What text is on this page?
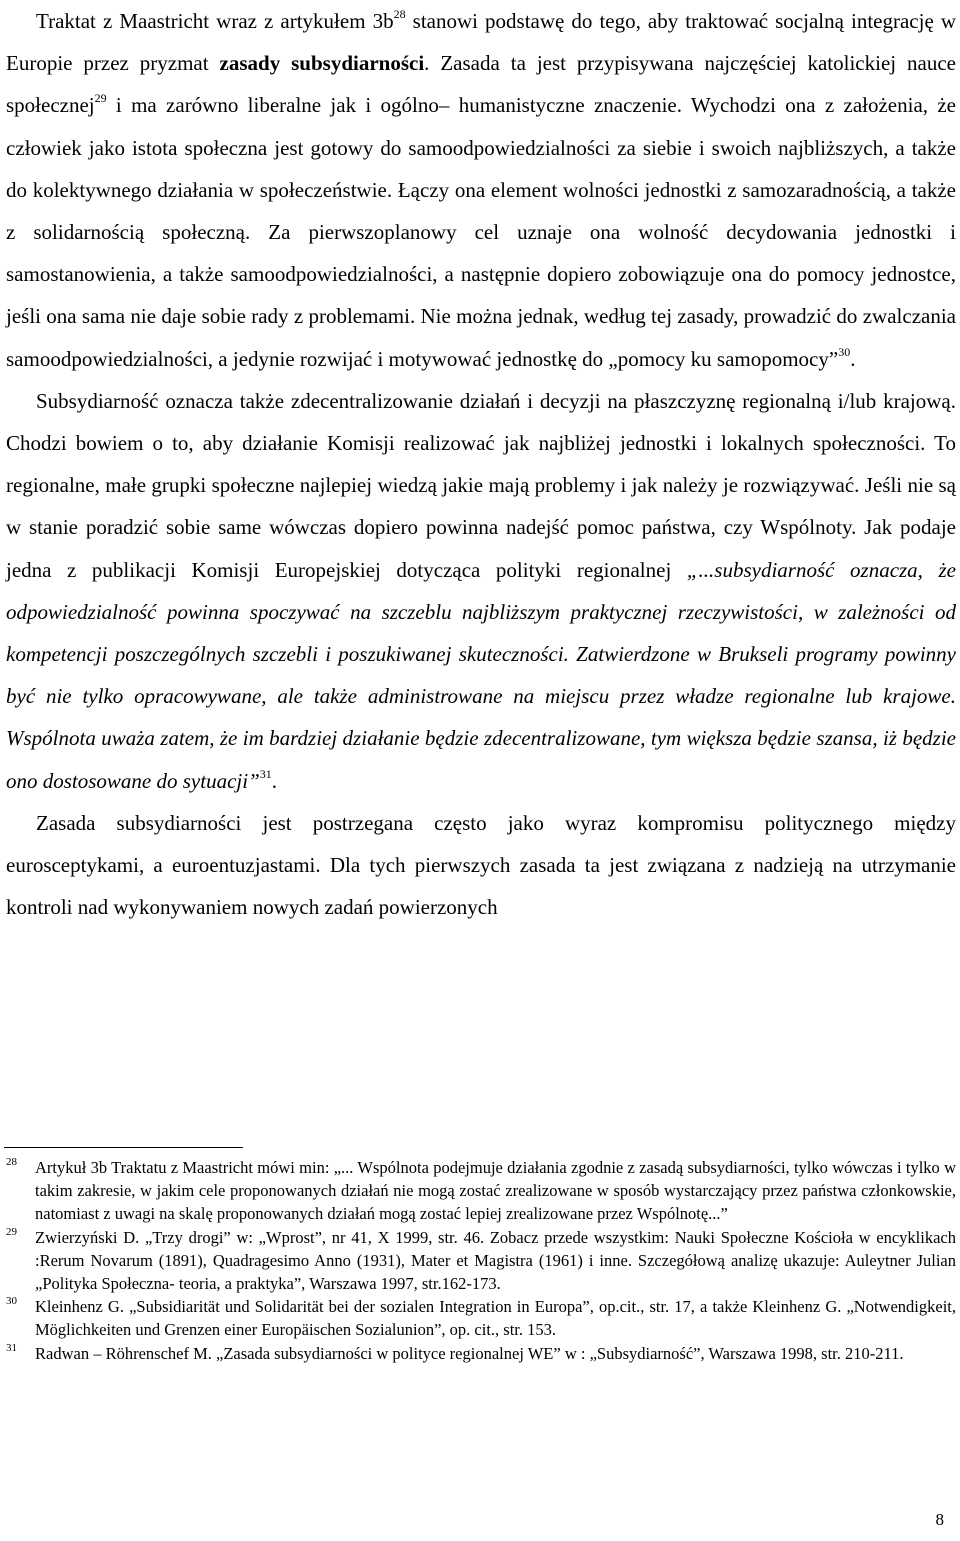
Traktat z Maastricht wraz z artykułem $3b^{28}$ stanowi podstawę do tego, aby traktować socjalną integrację w Europie przez pryzmat zasady subsydiarności. Zasada ta jest przypisywana najczęściej katolickiej nauce społecznej$^{29}$ i ma zarówno liberalne jak i ogólno– humanistyczne znaczenie. Wychodzi ona z założenia, że człowiek jako istota społeczna jest gotowy do samoodpowiedzialności za siebie i swoich najbliższych, a także do kolektywnego działania w społeczeństwie. Łączy ona element wolności jednostki z samozaradnością, a także z solidarnością społeczną. Za pierwszoplanowy cel uznaje ona wolność decydowania jednostki i samostanowienia, a także samoodpowiedzialności, a następnie dopiero zobowiązuje ona do pomocy jednostce, jeśli ona sama nie daje sobie rady z problemami. Nie można jednak, według tej zasady, prowadzić do zwalczania samoodpowiedzialności, a jedynie rozwijać i motywować jednostkę do „pomocy ku samopomocy”$^{30}$.

Subsydiarność oznacza także zdecentralizowanie działań i decyzji na płaszczyznę regionalną i/lub krajową. Chodzi bowiem o to, aby działanie Komisji realizować jak najbliżej jednostki i lokalnych społeczności. To regionalne, małe grupki społeczne najlepiej wiedzą jakie mają problemy i jak należy je rozwiązywać. Jeśli nie są w stanie poradzić sobie same wówczas dopiero powinna nadejść pomoc państwa, czy Wspólnoty. Jak podaje jedna z publikacji Komisji Europejskiej dotycząca polityki regionalnej „...subsydiarność oznacza, że odpowiedzialność powinna spoczywać na szczeblu najbliższym praktycznej rzeczywistości, w zależności od kompetencji poszczególnych szczebli i poszukiwanej skuteczności. Zatwierdzone w Brukseli programy powinny być nie tylko opracowywane, ale także administrowane na miejscu przez władze regionalne lub krajowe. Wspólnota uważa zatem, że im bardziej działanie będzie zdecentralizowane, tym większa będzie szansa, iż będzie ono dostosowane do sytuacji”$^{31}$.

Zasada subsydiarności jest postrzegana często jako wyraz kompromisu politycznego między eurosceptykami, a euroentuzjastami. Dla tych pierwszych zasada ta jest związana z nadzieją na utrzymanie kontroli nad wykonywaniem nowych zadań powierzonych

28 Artykuł 3b Traktatu z Maastricht mówi min: „... Wspólnota podejmuje działania zgodnie z zasadą subsydiarności, tylko wówczas i tylko w takim zakresie, w jakim cele proponowanych działań nie mogą zostać zrealizowane w sposób wystarczający przez państwa członkowskie, natomiast z uwagi na skalę proponowanych działań mogą zostać lepiej zrealizowane przez Wspólnotę...”

29 Zwierzyński D. „Trzy drogi” w: „Wprost”, nr 41, X 1999, str. 46. Zobacz przede wszystkim: Nauki Społeczne Kościoła w encyklikach :Rerum Novarum (1891), Quadragesimo Anno (1931), Mater et Magistra (1961) i inne. Szczegółową analizę ukazuje: Auleytner Julian „Polityka Społeczna- teoria, a praktyka”, Warszawa 1997, str.162-173.

30 Kleinhenz G. „Subsidiarität und Solidarität bei der sozialen Integration in Europa”, op.cit., str. 17, a także Kleinhenz G. „Notwendigkeit, Möglichkeiten und Grenzen einer Europäischen Sozialunion”, op. cit., str. 153.

31 Radwan – Röhrenschef M. „Zasada subsydiarności w polityce regionalnej WE” w : „Subsydiarność”, Warszawa 1998, str. 210-211.

8
